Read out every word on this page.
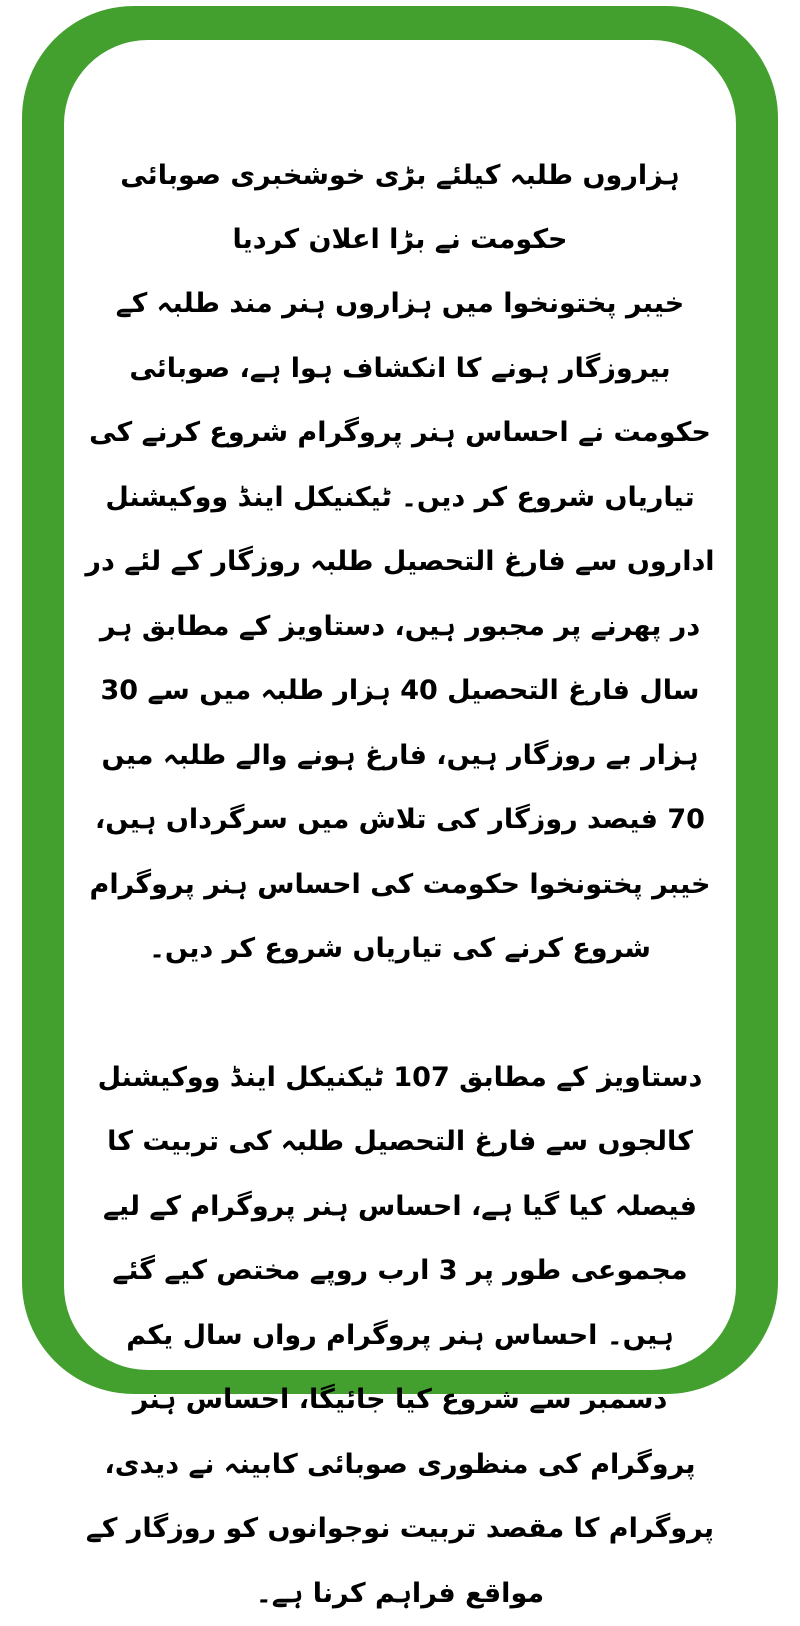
ہزاروں طلبہ کیلئے بڑی خوشخبری صوبائی حکومت نے بڑا اعلان کردیا

خیبر پختونخوا میں ہزاروں ہنر مند طلبہ کے بیروزگار ہونے کا انکشاف ہوا ہے، صوبائی حکومت نے احساس ہنر پروگرام شروع کرنے کی تیاریاں شروع کر دیں۔ ٹیکنیکل اینڈ ووکیشنل اداروں سے فارغ التحصیل طلبہ روزگار کے لئے در در پھرنے پر مجبور ہیں، دستاویز کے مطابق ہر سال فارغ التحصیل 40 ہزار طلبہ میں سے 30 ہزار بے روزگار ہیں، فارغ ہونے والے طلبہ میں 70 فیصد روزگار کی تلاش میں سرگرداں ہیں، خیبر پختونخوا حکومت کی احساس ہنر پروگرام شروع کرنے کی تیاریاں شروع کر دیں۔

دستاویز کے مطابق 107 ٹیکنیکل اینڈ ووکیشنل کالجوں سے فارغ التحصیل طلبہ کی تربیت کا فیصلہ کیا گیا ہے، احساس ہنر پروگرام کے لیے مجموعی طور پر 3 ارب روپے مختص کیے گئے ہیں۔ احساس ہنر پروگرام رواں سال یکم دسمبر سے شروع کیا جائیگا، احساس ہنر پروگرام کی منظوری صوبائی کابینہ نے دیدی، پروگرام کا مقصد تربیت نوجوانوں کو روزگار کے مواقع فراہم کرنا ہے۔
